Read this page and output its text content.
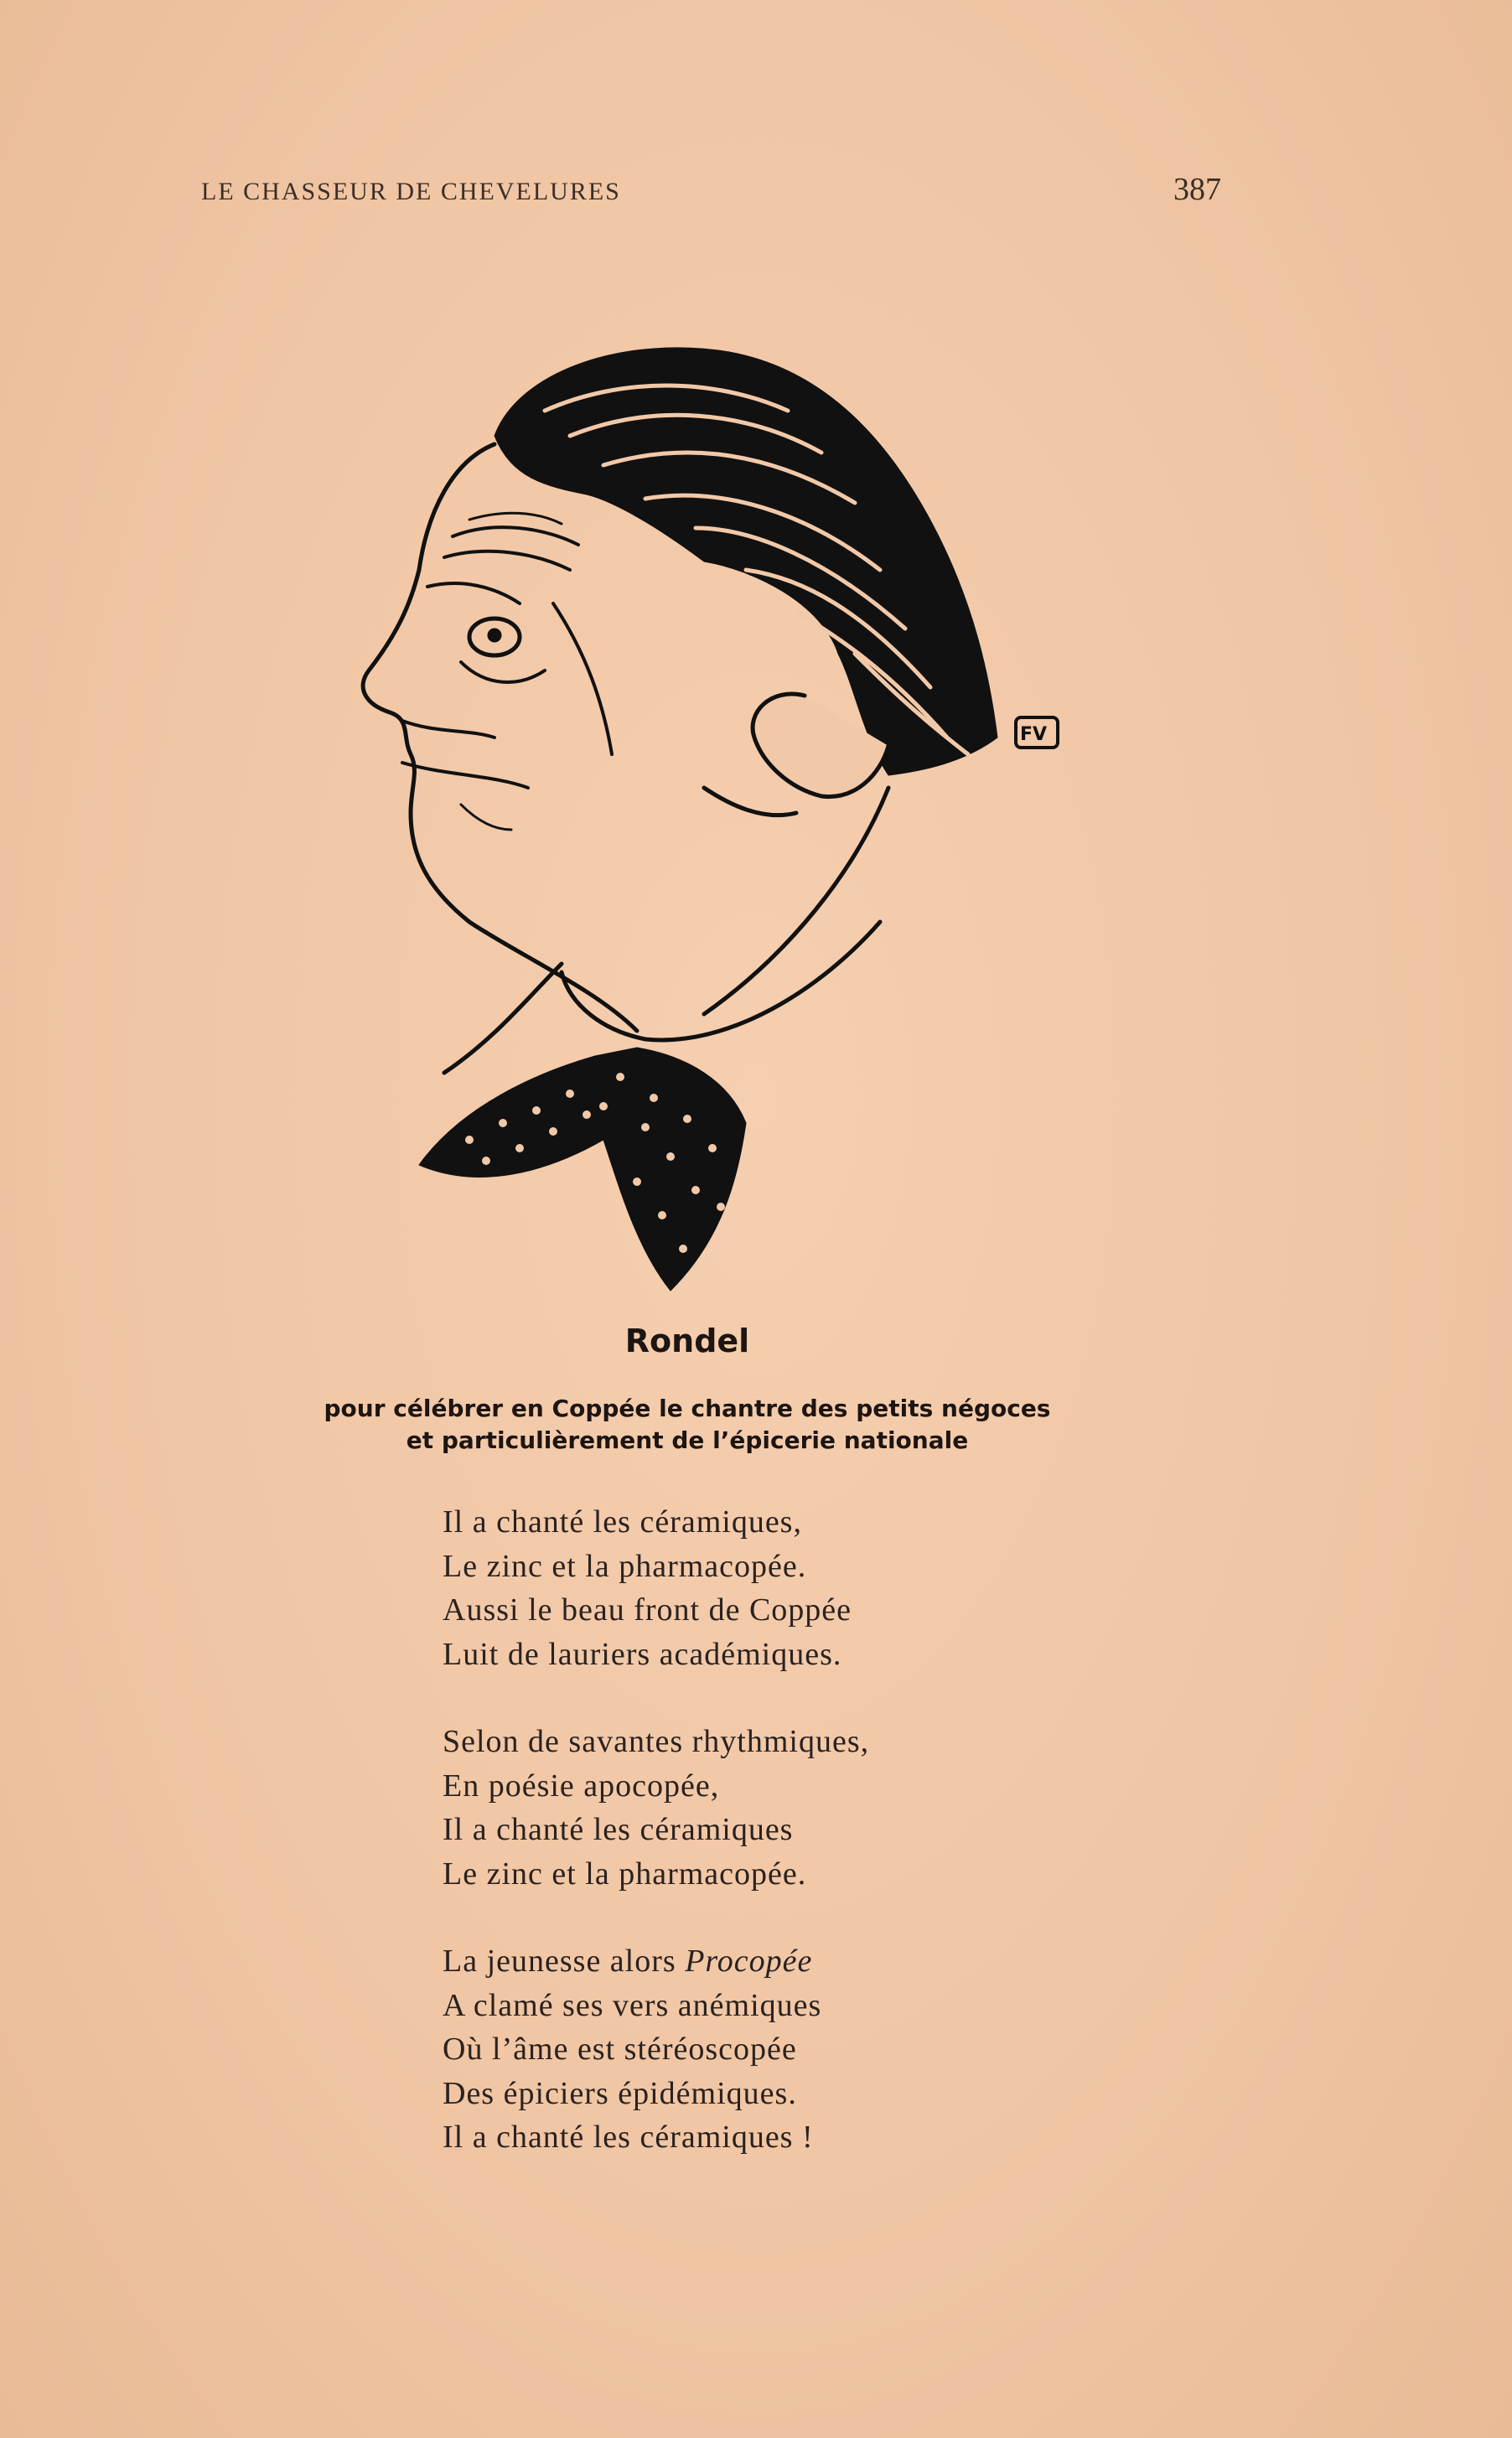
LE CHASSEUR DE CHEVELURES	387
FV
Rondel
pour célébrer en Coppée le chantre des petits négoces
et particulièrement de l’épicerie nationale
Il a chanté les céramiques,
Le zinc et la pharmacopée.
Aussi le beau front de Coppée
Luit de lauriers académiques.
Selon de savantes rhythmiques,
En poésie apocopée,
Il a chanté les céramiques
Le zinc et la pharmacopée.
La jeunesse alors Procopée
A clamé ses vers anémiques
Où l’âme est stéréoscopée
Des épiciers épidémiques.
Il a chanté les céramiques !
